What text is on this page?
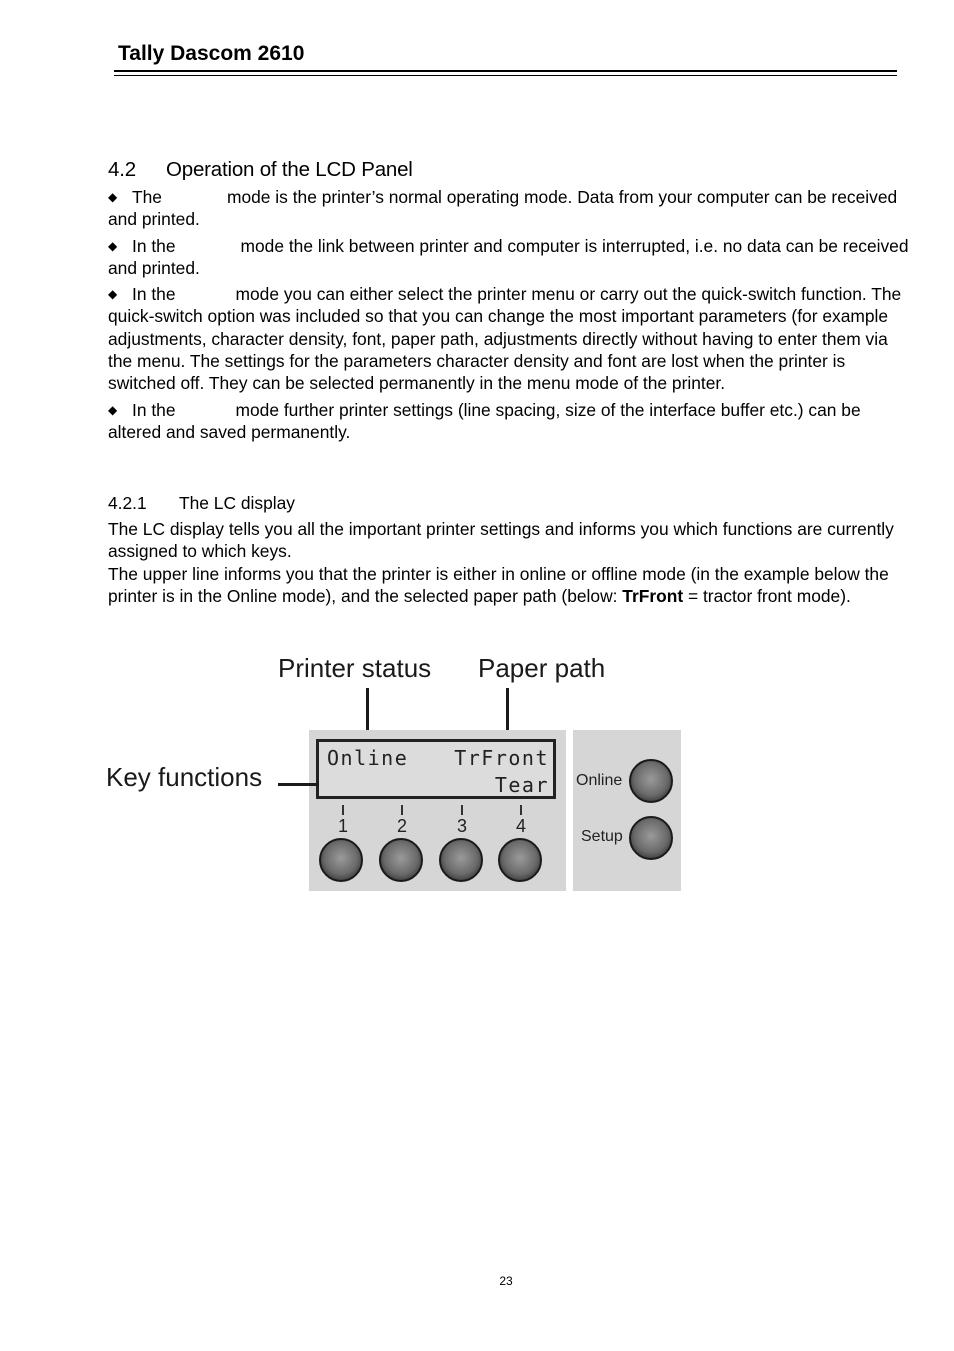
Tally Dascom 2610
4.2 Operation of the LCD Panel

◆ The	mode is the printer’s normal operating mode. Data from your computer can be received and printed.

◆ In the	mode the link between printer and computer is interrupted, i.e. no data can be received and printed.

◆ In the	mode you can either select the printer menu or carry out the quick-switch function. The quick-switch option was included so that you can change the most important parameters (for example adjustments, character density, font, paper path, adjustments directly without having to enter them via the menu. The settings for the parameters character density and font are lost when the printer is switched off. They can be selected permanently in the menu mode of the printer.

◆ In the	mode further printer settings (line spacing, size of the interface buffer etc.) can be altered and saved permanently.

4.2.1 The LC display

The LC display tells you all the important printer settings and informs you which functions are currently assigned to which keys.

The upper line informs you that the printer is either in online or offline mode (in the example below the printer is in the Online mode), and the selected paper path (below: TrFront = tractor front mode).

Printer status Paper path
Key functions
Online TrFront
Tear
1	2	3	4
Online
Setup
23
